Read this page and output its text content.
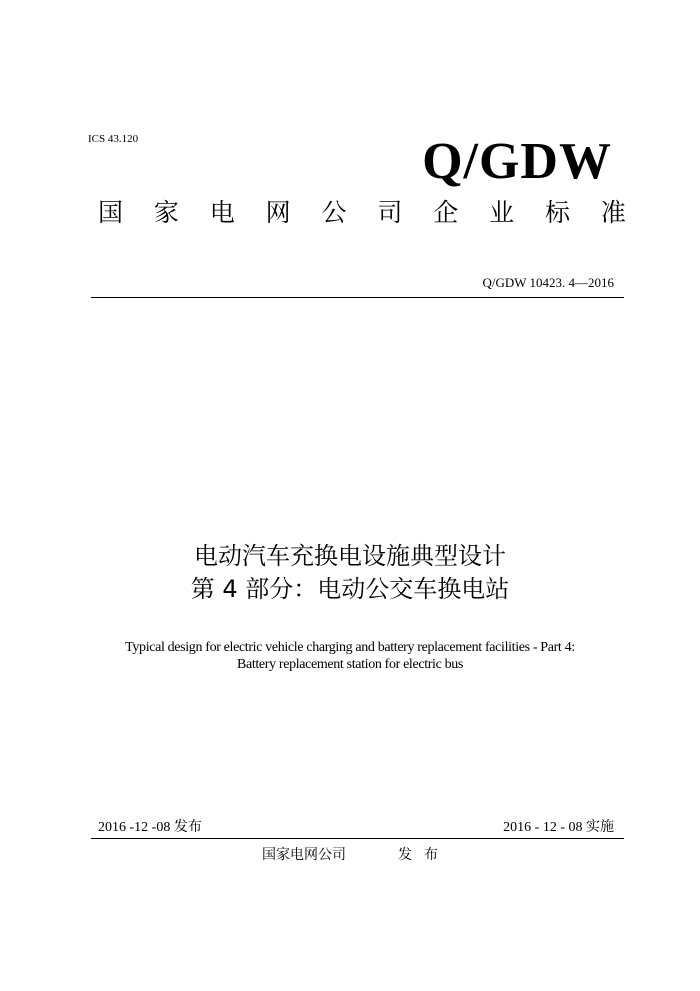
ICS 43.120	Q/GDW
国 家 电 网 公 司 企 业 标 准
Q/GDW 10423. 4—2016
电动汽车充换电设施典型设计
第 4 部分：电动公交车换电站
Typical design for electric vehicle charging and battery replacement facilities - Part 4:
Battery replacement station for electric bus
2016 -12 -08 发布	2016 - 12 - 08 实施
国家电网公司	发布
